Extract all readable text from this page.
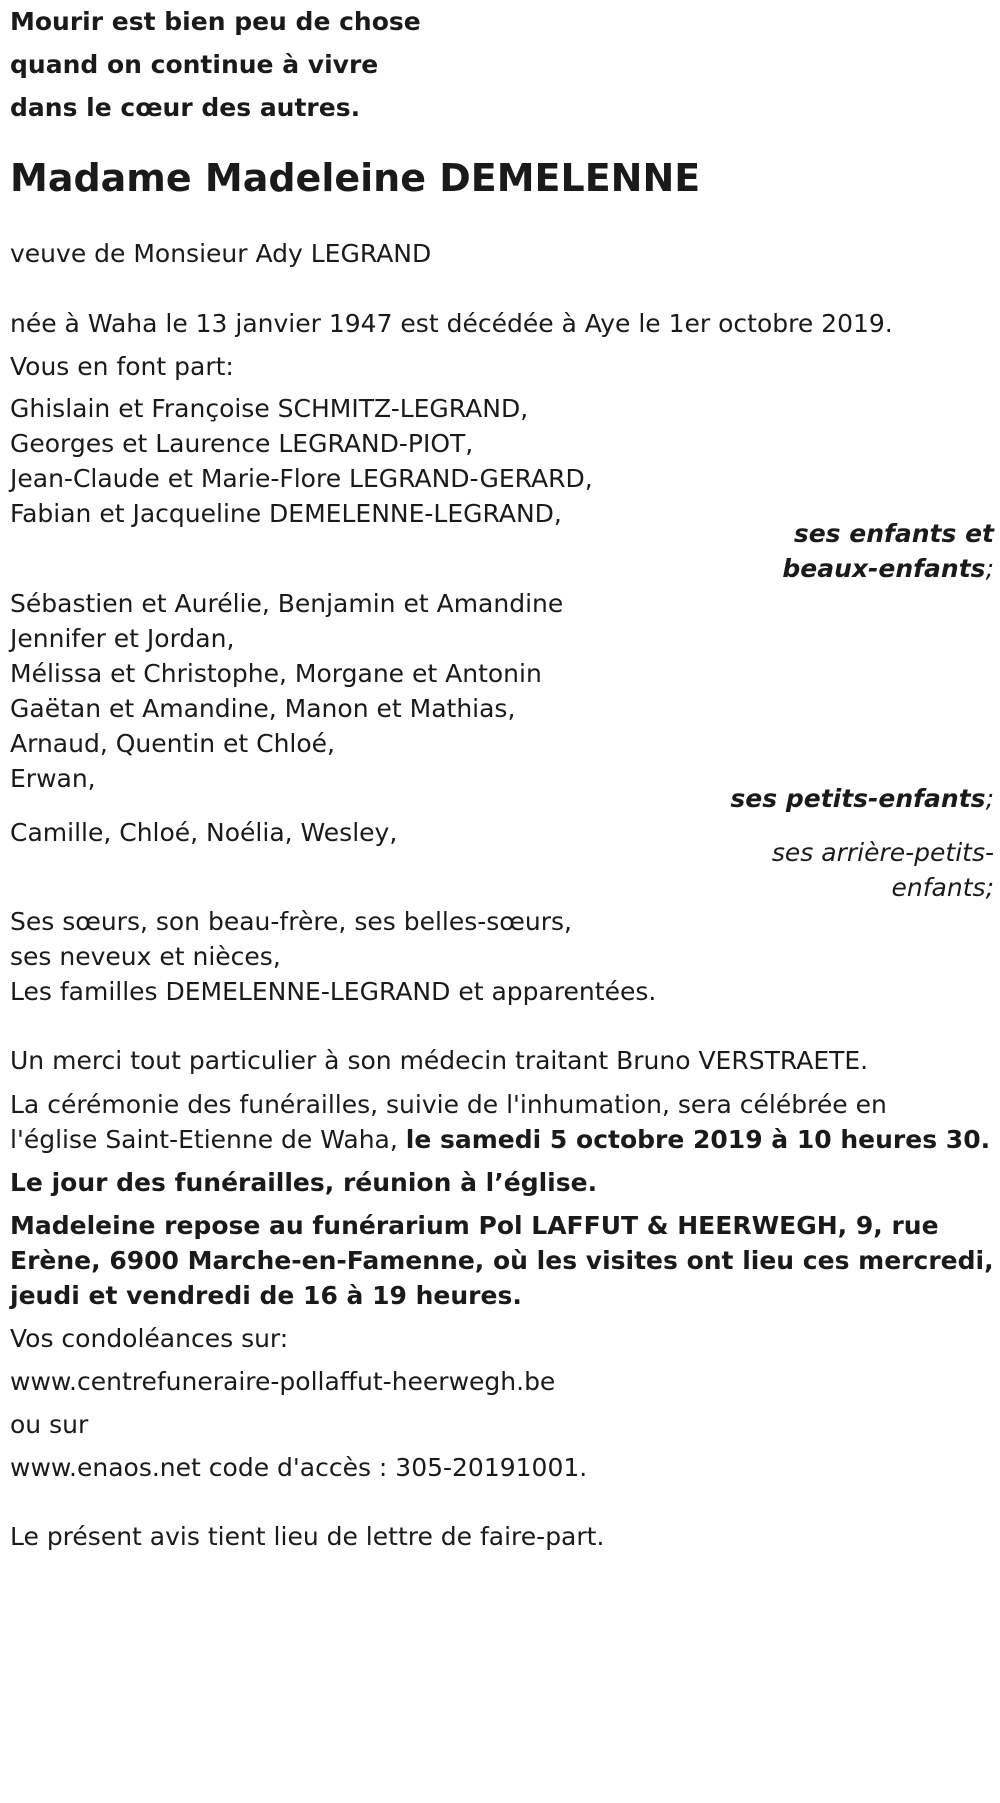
Mourir est bien peu de chose
quand on continue à vivre
dans le cœur des autres.
Madame Madeleine DEMELENNE
veuve de Monsieur Ady LEGRAND
née à Waha le 13 janvier 1947 est décédée à Aye le 1er octobre 2019.
Vous en font part:
Ghislain et Françoise SCHMITZ-LEGRAND,
Georges et Laurence LEGRAND-PIOT,
Jean-Claude et Marie-Flore LEGRAND-GERARD,
Fabian et Jacqueline DEMELENNE-LEGRAND,
ses enfants et
beaux-enfants;
Sébastien et Aurélie, Benjamin et Amandine
Jennifer et Jordan,
Mélissa et Christophe, Morgane et Antonin
Gaëtan et Amandine, Manon et Mathias,
Arnaud, Quentin et Chloé,
Erwan,
ses petits-enfants;
Camille, Chloé, Noélia, Wesley,
ses arrière-petits-
enfants;
Ses sœurs, son beau-frère, ses belles-sœurs,
ses neveux et nièces,
Les familles DEMELENNE-LEGRAND et apparentées.
Un merci tout particulier à son médecin traitant Bruno VERSTRAETE.
La cérémonie des funérailles, suivie de l'inhumation, sera célébrée en
l'église Saint-Etienne de Waha, le samedi 5 octobre 2019 à 10 heures 30.
Le jour des funérailles, réunion à l’église.
Madeleine repose au funérarium Pol LAFFUT & HEERWEGH, 9, rue
Erène, 6900 Marche-en-Famenne, où les visites ont lieu ces mercredi,
jeudi et vendredi de 16 à 19 heures.
Vos condoléances sur:
www.centrefuneraire-pollaffut-heerwegh.be
ou sur
www.enaos.net code d'accès : 305-20191001.
Le présent avis tient lieu de lettre de faire-part.
